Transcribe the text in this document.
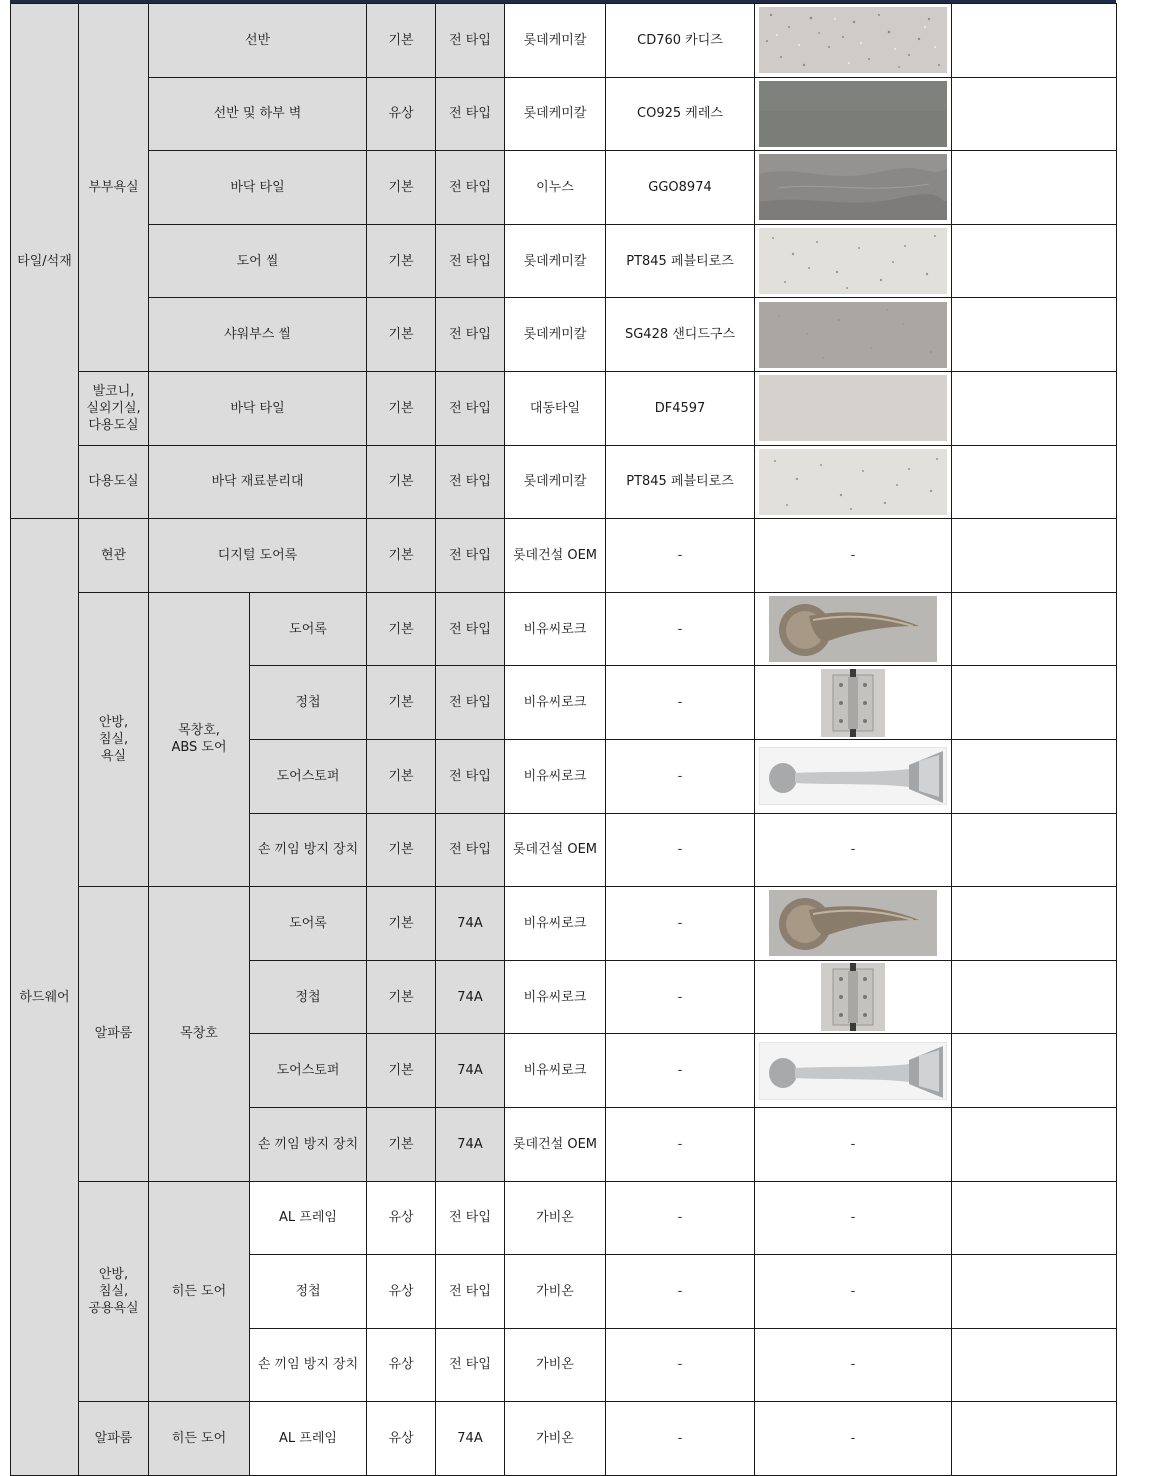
타일/석재	부부욕실	선반		기본	전 타입	롯데케미칼	CD760 카디즈	

		선반 및 하부 벽		유상	전 타입	롯데케미칼	CO925 케레스	

		바닥 타일		기본	전 타입	이누스	GGO8974	

		도어 씰		기본	전 타입	롯데케미칼	PT845 페블티로즈	

		샤워부스 씰		기본	전 타입	롯데케미칼	SG428 샌디드구스	

	발코니,
실외기실,
다용도실	바닥 타일		기본	전 타입	대동타일	DF4597	

	다용도실	바닥 재료분리대		기본	전 타입	롯데케미칼	PT845 페블티로즈	

하드웨어	현관	디지털 도어록		기본	전 타입	롯데건설 OEM	-	-	
	안방,
침실,
욕실	목창호,
ABS 도어	도어록	기본	전 타입	비유씨로크	-	

			정첩	기본	전 타입	비유씨로크	-	

			도어스토퍼	기본	전 타입	비유씨로크	-	

			손 끼임 방지 장치	기본	전 타입	롯데건설 OEM	-	-	
	알파룸	목창호	도어록	기본	74A	비유씨로크	-	

			정첩	기본	74A	비유씨로크	-	

			도어스토퍼	기본	74A	비유씨로크	-	

			손 끼임 방지 장치	기본	74A	롯데건설 OEM	-	-	
	안방,
침실,
공용욕실	히든 도어	AL 프레임	유상	전 타입	가비온	-	-	
			정첩	유상	전 타입	가비온	-	-	
			손 끼임 방지 장치	유상	전 타입	가비온	-	-	
	알파룸	히든 도어	AL 프레임	유상	74A	가비온	-	-	
